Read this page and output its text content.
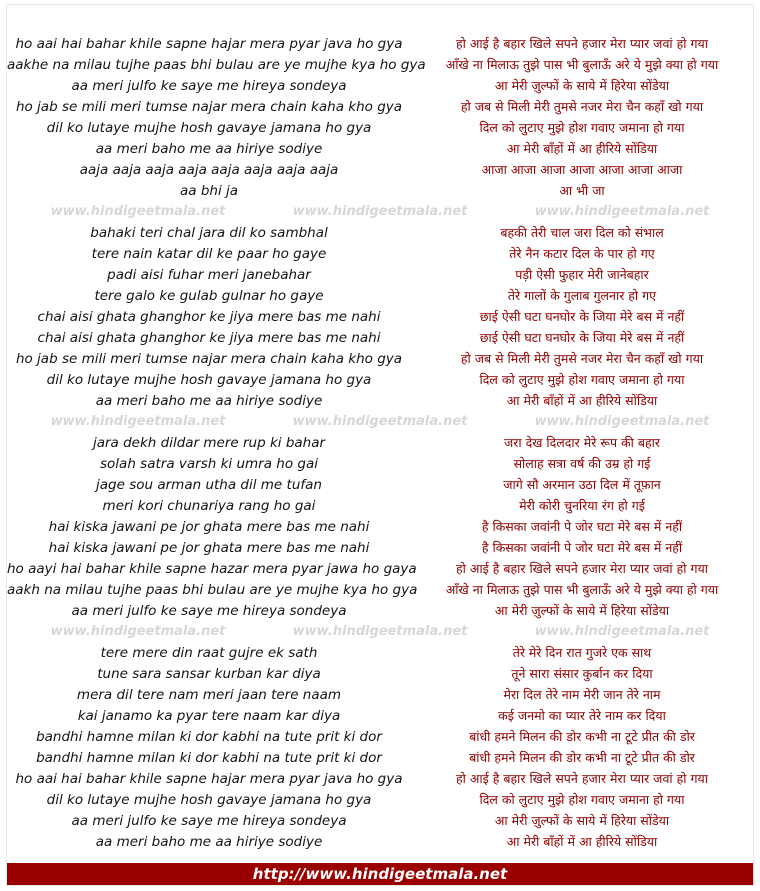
ho aai hai bahar khile sapne hajar mera pyar java ho gya	हो आई है बहार खिले सपने हजार मेरा प्यार जवां हो गया
aakhe na milau tujhe paas bhi bulau are ye mujhe kya ho gya	आँखे ना मिलाऊ तुझे पास भी बुलाऊँ अरे ये मुझे क्या हो गया
aa meri julfo ke saye me hireya sondeya	आ मेरी ज़ुल्फों के साये में हिरेया सोंडेया
ho jab se mili meri tumse najar mera chain kaha kho gya	हो जब से मिली मेरी तुमसे नजर मेरा चैन कहाँ खो गया
dil ko lutaye mujhe hosh gavaye jamana ho gya	दिल को लुटाए मुझे होश गवाए जमाना हो गया
aa meri baho me aa hiriye sodiye	आ मेरी बाँहों में आ हीरिये सोंडिया
aaja aaja aaja aaja aaja aaja aaja aaja	आजा आजा आजा आजा आजा आजा आजा
aa bhi ja	आ भी जा
www.hindigeetmala.net	www.hindigeetmala.net	www.hindigeetmala.net
bahaki teri chal jara dil ko sambhal	बहकी तेरी चाल जरा दिल को संभाल
tere nain katar dil ke paar ho gaye	तेरे नैन कटार दिल के पार हो गए
padi aisi fuhar meri janebahar	पड़ी ऐसी फुहार मेरी जानेबहार
tere galo ke gulab gulnar ho gaye	तेरे गालों के गुलाब गुलनार हो गए
chai aisi ghata ghanghor ke jiya mere bas me nahi	छाई ऐसी घटा घनघोर के जिया मेरे बस में नहीं
chai aisi ghata ghanghor ke jiya mere bas me nahi	छाई ऐसी घटा घनघोर के जिया मेरे बस में नहीं
ho jab se mili meri tumse najar mera chain kaha kho gya	हो जब से मिली मेरी तुमसे नजर मेरा चैन कहाँ खो गया
dil ko lutaye mujhe hosh gavaye jamana ho gya	दिल को लुटाए मुझे होश गवाए जमाना हो गया
aa meri baho me aa hiriye sodiye	आ मेरी बाँहों में आ हीरिये सोंडिया
www.hindigeetmala.net	www.hindigeetmala.net	www.hindigeetmala.net
jara dekh dildar mere rup ki bahar	जरा देख दिलदार मेरे रूप की बहार
solah satra varsh ki umra ho gai	सोलाह सत्रा वर्ष की उम्र हो गई
jage sou arman utha dil me tufan	जागे सौ अरमान उठा दिल में तूफ़ान
meri kori chunariya rang ho gai	मेरी कोरी चुनरिया रंग हो गई
hai kiska jawani pe jor ghata mere bas me nahi	है किसका जवांनी पे जोर घटा मेरे बस में नहीं
hai kiska jawani pe jor ghata mere bas me nahi	है किसका जवांनी पे जोर घटा मेरे बस में नहीं
ho aayi hai bahar khile sapne hazar mera pyar jawa ho gaya	हो आई है बहार खिले सपने हजार मेरा प्यार जवां हो गया
aakh na milau tujhe paas bhi bulau are ye mujhe kya ho gya	आँखे ना मिलाऊ तुझे पास भी बुलाऊँ अरे ये मुझे क्या हो गया
aa meri julfo ke saye me hireya sondeya	आ मेरी ज़ुल्फों के साये में हिरेया सोंडेया
www.hindigeetmala.net	www.hindigeetmala.net	www.hindigeetmala.net
tere mere din raat gujre ek sath	तेरे मेरे दिन रात गुजरे एक साथ
tune sara sansar kurban kar diya	तूने सारा संसार कुर्बान कर दिया
mera dil tere nam meri jaan tere naam	मेरा दिल तेरे नाम मेरी जान तेरे नाम
kai janamo ka pyar tere naam kar diya	कई जनमो का प्यार तेरे नाम कर दिया
bandhi hamne milan ki dor kabhi na tute prit ki dor	बांधी हमने मिलन की डोर कभी ना टूटे प्रीत की डोर
bandhi hamne milan ki dor kabhi na tute prit ki dor	बांधी हमने मिलन की डोर कभी ना टूटे प्रीत की डोर
ho aai hai bahar khile sapne hajar mera pyar java ho gya	हो आई है बहार खिले सपने हजार मेरा प्यार जवां हो गया
dil ko lutaye mujhe hosh gavaye jamana ho gya	दिल को लुटाए मुझे होश गवाए जमाना हो गया
aa meri julfo ke saye me hireya sondeya	आ मेरी ज़ुल्फों के साये में हिरेया सोंडेया
aa meri baho me aa hiriye sodiye	आ मेरी बाँहों में आ हीरिये सोंडिया
http://www.hindigeetmala.net
